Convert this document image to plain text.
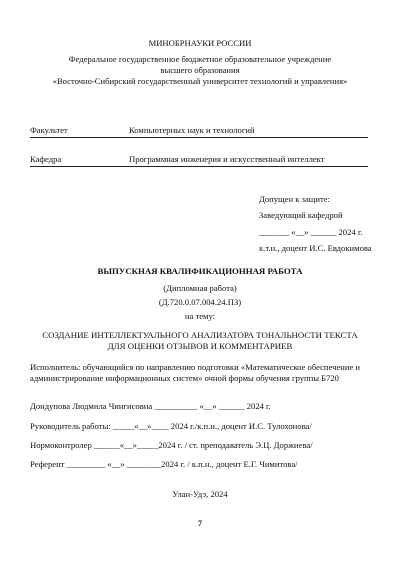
МИНОБРНАУКИ РОССИИ
Федеральное государственное бюджетное образовательное учреждение
высшего образования
«Восточно-Сибирский государственный университет технологий и управления»
Факультет	Компьютерных наук и технологий
Кафедра	Программная инженерия и искусственный интеллект
Допущен к защите:
Заведующий кафедрой
_______ «__» ______ 2024 г.
к.т.н., доцент И.С. Евдокимова
ВЫПУСКНАЯ КВАЛИФИКАЦИОННАЯ РАБОТА
(Дипломная работа)
(Д.720.0.07.004.24.ПЗ)
на тему:
СОЗДАНИЕ ИНТЕЛЛЕКТУАЛЬНОГО АНАЛИЗАТОРА ТОНАЛЬНОСТИ ТЕКСТА ДЛЯ ОЦЕНКИ ОТЗЫВОВ И КОММЕНТАРИЕВ
Исполнитель: обучающийся по направлению подготовки «Математическое обеспечение и администрирование информационных систем» очной формы обучения группы Б720
Дондупова Людмила Чингисовна __________ «__» ______ 2024 г.
Руководитель работы: _____«__»____ 2024 г./к.п.н., доцент И.С. Тулохонова/
Нормоконтролер ______«__»_____2024 г. / ст. преподаватель Э.Ц. Доржиева/
Референт _________ «__» ________2024 г. / к.п.н., доцент Е.Г. Чимитова/
Улан-Удэ, 2024
7
